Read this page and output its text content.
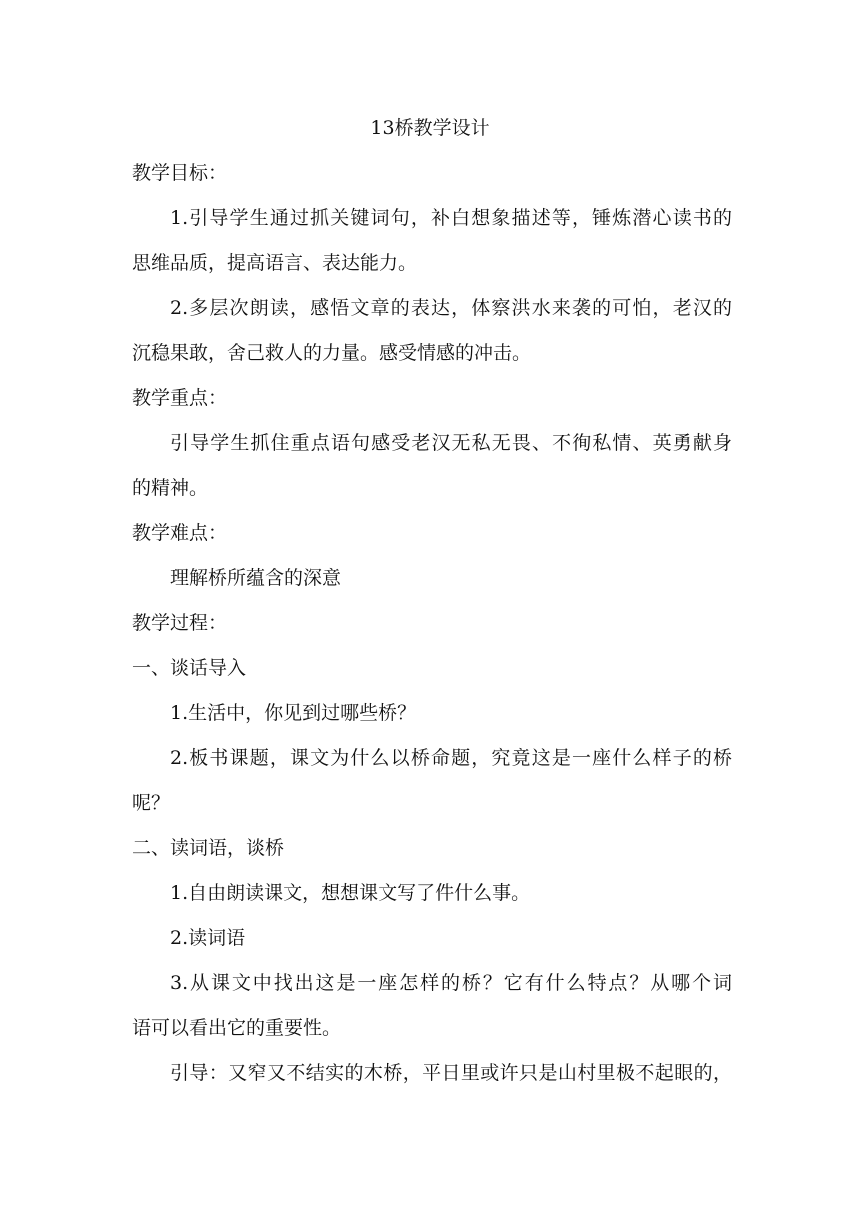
13桥教学设计
教学目标：
1.引导学生通过抓关键词句，补白想象描述等，锤炼潜心读书的
思维品质，提高语言、表达能力。
2.多层次朗读，感悟文章的表达，体察洪水来袭的可怕，老汉的
沉稳果敢，舍己救人的力量。感受情感的冲击。
教学重点：
引导学生抓住重点语句感受老汉无私无畏、不徇私情、英勇献身
的精神。
教学难点：
理解桥所蕴含的深意
教学过程：
一、谈话导入
1.生活中，你见到过哪些桥？
2.板书课题，课文为什么以桥命题，究竟这是一座什么样子的桥
呢？
二、读词语，谈桥
1.自由朗读课文，想想课文写了件什么事。
2.读词语
3.从课文中找出这是一座怎样的桥？它有什么特点？从哪个词
语可以看出它的重要性。
引导：又窄又不结实的木桥，平日里或许只是山村里极不起眼的，
